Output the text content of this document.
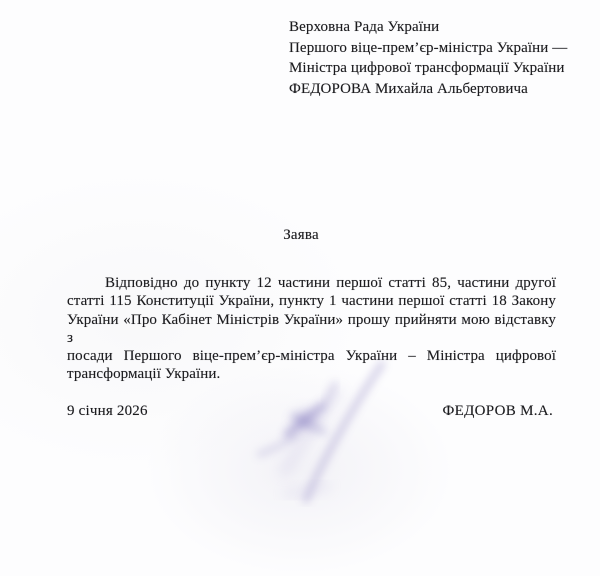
Верховна Рада України
Першого віце-прем’єр-міністра України —
Міністра цифрової трансформації України
ФЕДОРОВА Михайла Альбертовича
Заява
Відповідно до пункту 12 частини першої статті 85, частини другої
статті 115 Конституції України, пункту 1 частини першої статті 18 Закону
України «Про Кабінет Міністрів України» прошу прийняти мою відставку з
посади Першого віце-прем’єр-міністра України – Міністра цифрової
трансформації України.
9 січня 2026	ФЕДОРОВ М.А.
